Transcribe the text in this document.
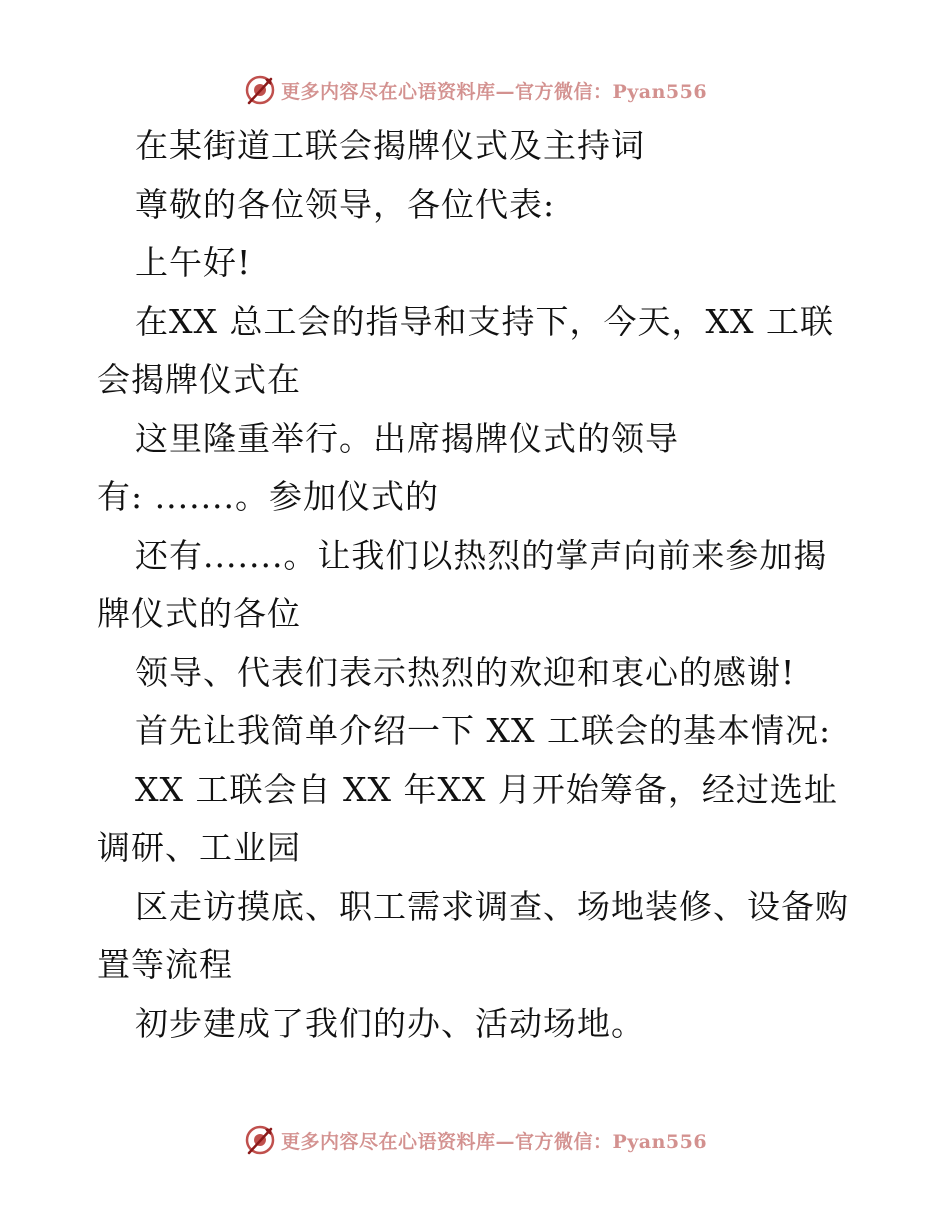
更多内容尽在心语资料库—官方微信：Pyan556
在某街道工联会揭牌仪式及主持词
尊敬的各位领导，各位代表:
上午好!
在XX 总工会的指导和支持下，今天，XX 工联
会揭牌仪式在
这里隆重举行。出席揭牌仪式的领导
有: .......。参加仪式的
还有.......。让我们以热烈的掌声向前来参加揭
牌仪式的各位
领导、代表们表示热烈的欢迎和衷心的感谢!
首先让我简单介绍一下 XX 工联会的基本情况:
XX 工联会自 XX 年XX 月开始筹备，经过选址
调研、工业园
区走访摸底、职工需求调查、场地装修、设备购
置等流程
初步建成了我们的办、活动场地。
更多内容尽在心语资料库—官方微信：Pyan556
